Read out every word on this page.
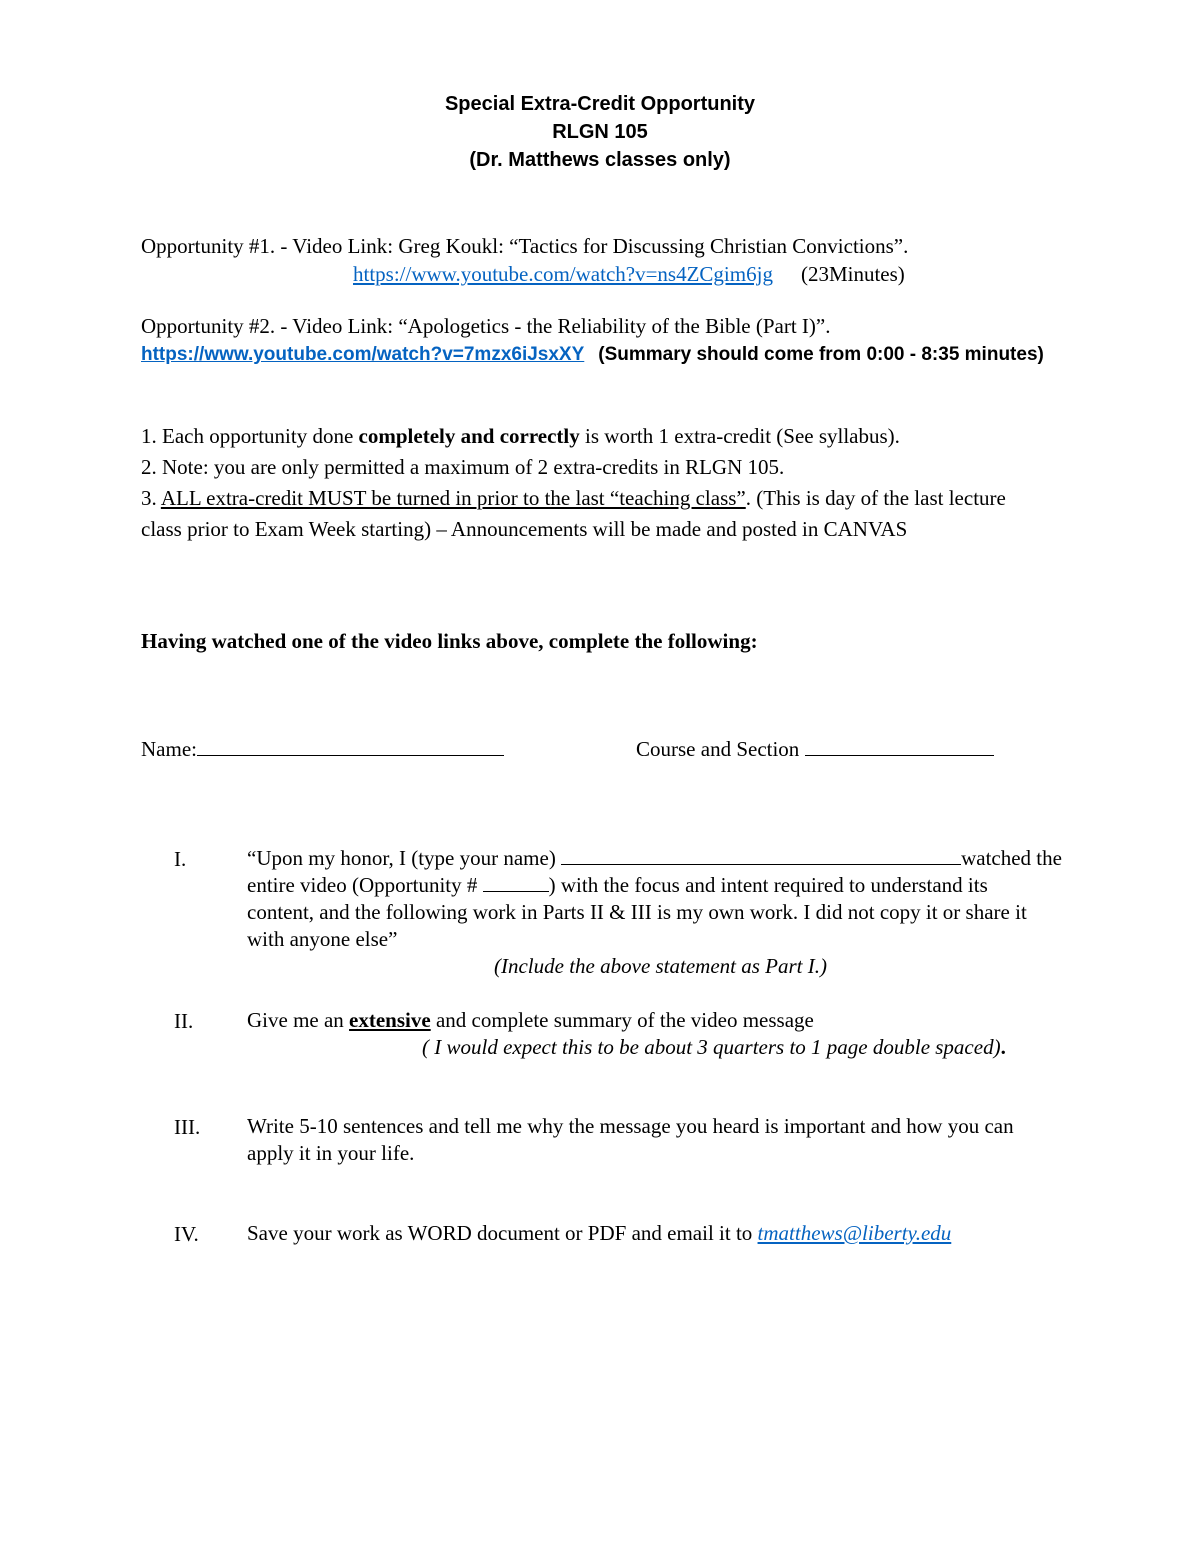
Special Extra-Credit Opportunity
RLGN 105
(Dr. Matthews classes only)
Opportunity #1. - Video Link: Greg Koukl: “Tactics for Discussing Christian Convictions”.
https://www.youtube.com/watch?v=ns4ZCgim6jg (23Minutes)
Opportunity #2. - Video Link: “Apologetics - the Reliability of the Bible (Part I)”.
https://www.youtube.com/watch?v=7mzx6iJsxXY (Summary should come from 0:00 - 8:35 minutes)
1. Each opportunity done completely and correctly is worth 1 extra-credit (See syllabus).
2. Note: you are only permitted a maximum of 2 extra-credits in RLGN 105.
3. ALL extra-credit MUST be turned in prior to the last “teaching class”. (This is day of the last lecture
class prior to Exam Week starting) – Announcements will be made and posted in CANVAS
Having watched one of the video links above, complete the following:
Name:	Course and Section
I.	“Upon my honor, I (type your name)	watched the
entire video (Opportunity #	) with the focus and intent required to understand its
content, and the following work in Parts II & III is my own work. I did not copy it or share it
with anyone else”
(Include the above statement as Part I.)
II.	Give me an extensive and complete summary of the video message
( I would expect this to be about 3 quarters to 1 page double spaced).
III. Write 5-10 sentences and tell me why the message you heard is important and how you can
apply it in your life.
IV. Save your work as WORD document or PDF and email it to tmatthews@liberty.edu
